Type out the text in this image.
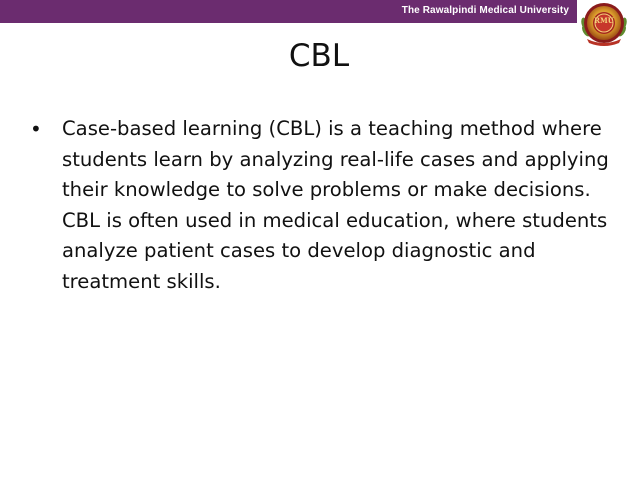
The Rawalpindi Medical University
RMU
CBL
• Case-based learning (CBL) is a teaching method where students learn by analyzing real-life cases and applying their knowledge to solve problems or make decisions. CBL is often used in medical education, where students analyze patient cases to develop diagnostic and treatment skills.
